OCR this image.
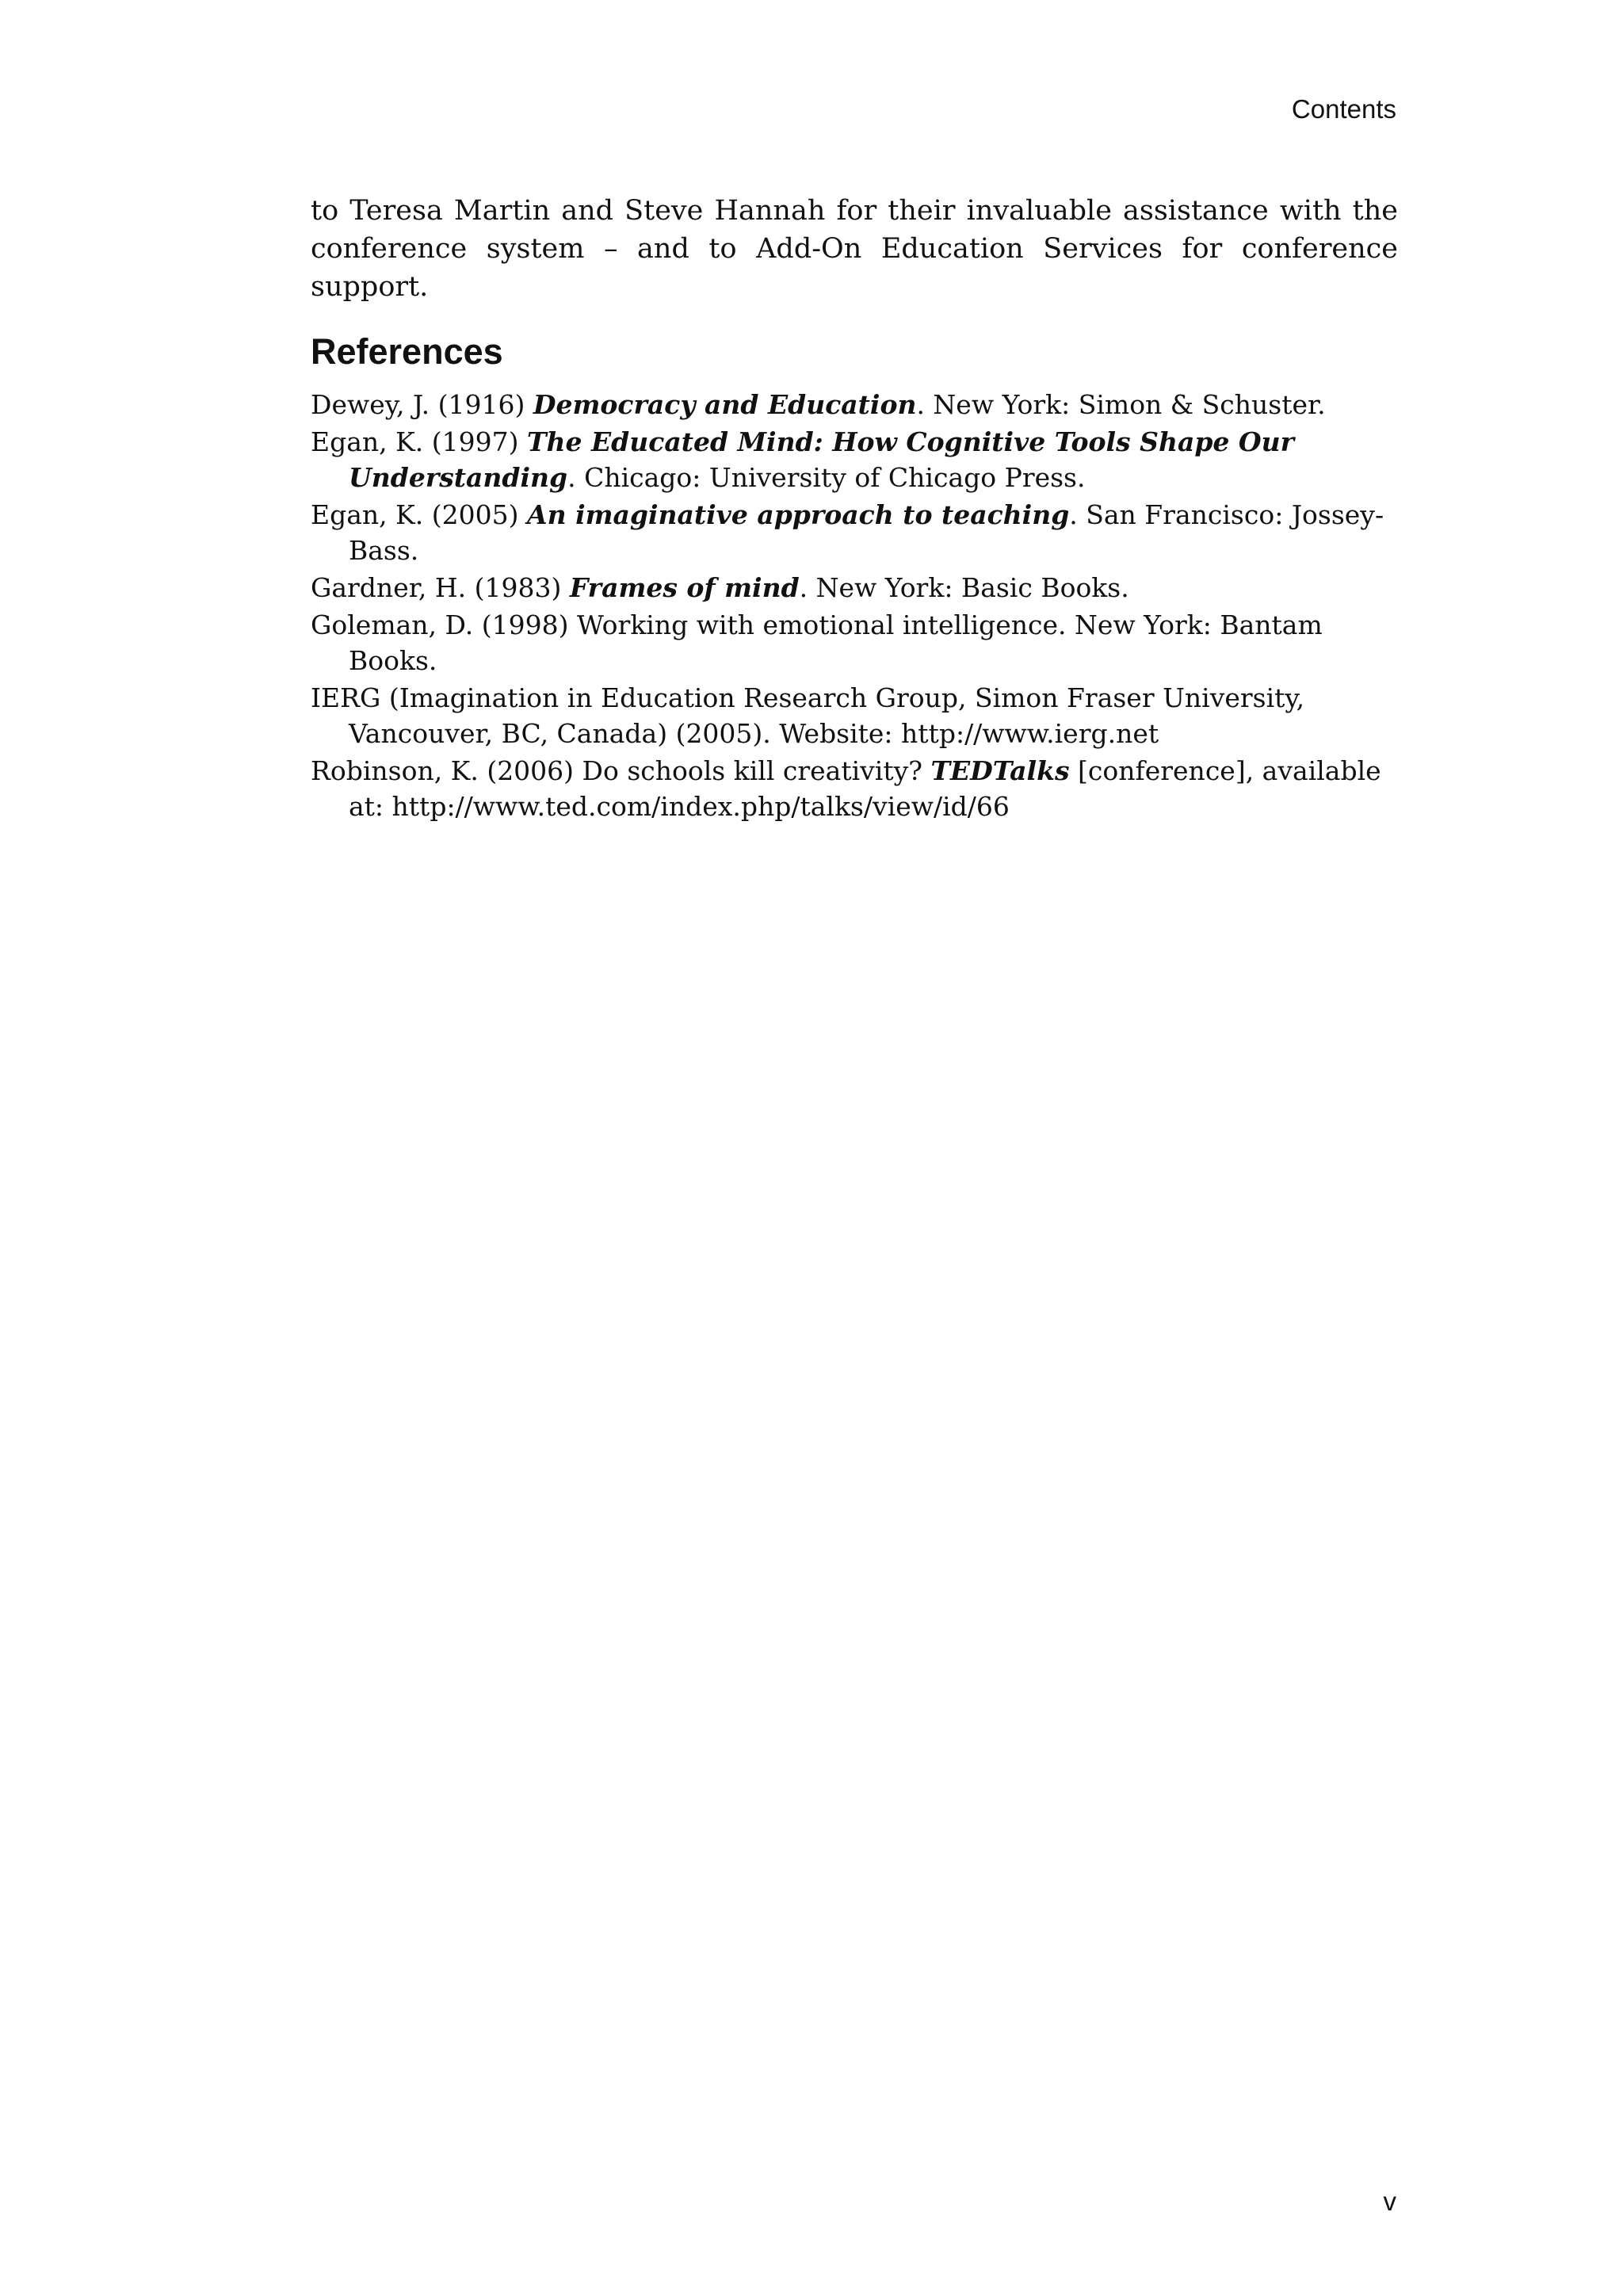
Contents

to Teresa Martin and Steve Hannah for their invaluable assistance with the conference system – and to Add-On Education Services for conference support.

References
Dewey, J. (1916) Democracy and Education. New York: Simon & Schuster.
Egan, K. (1997) The Educated Mind: How Cognitive Tools Shape Our Understanding. Chicago: University of Chicago Press.
Egan, K. (2005) An imaginative approach to teaching. San Francisco: Jossey-Bass.
Gardner, H. (1983) Frames of mind. New York: Basic Books.
Goleman, D. (1998) Working with emotional intelligence. New York: Bantam Books.
IERG (Imagination in Education Research Group, Simon Fraser University, Vancouver, BC, Canada) (2005). Website: http://www.ierg.net
Robinson, K. (2006) Do schools kill creativity? TEDTalks [conference], available at: http://www.ted.com/index.php/talks/view/id/66
v
